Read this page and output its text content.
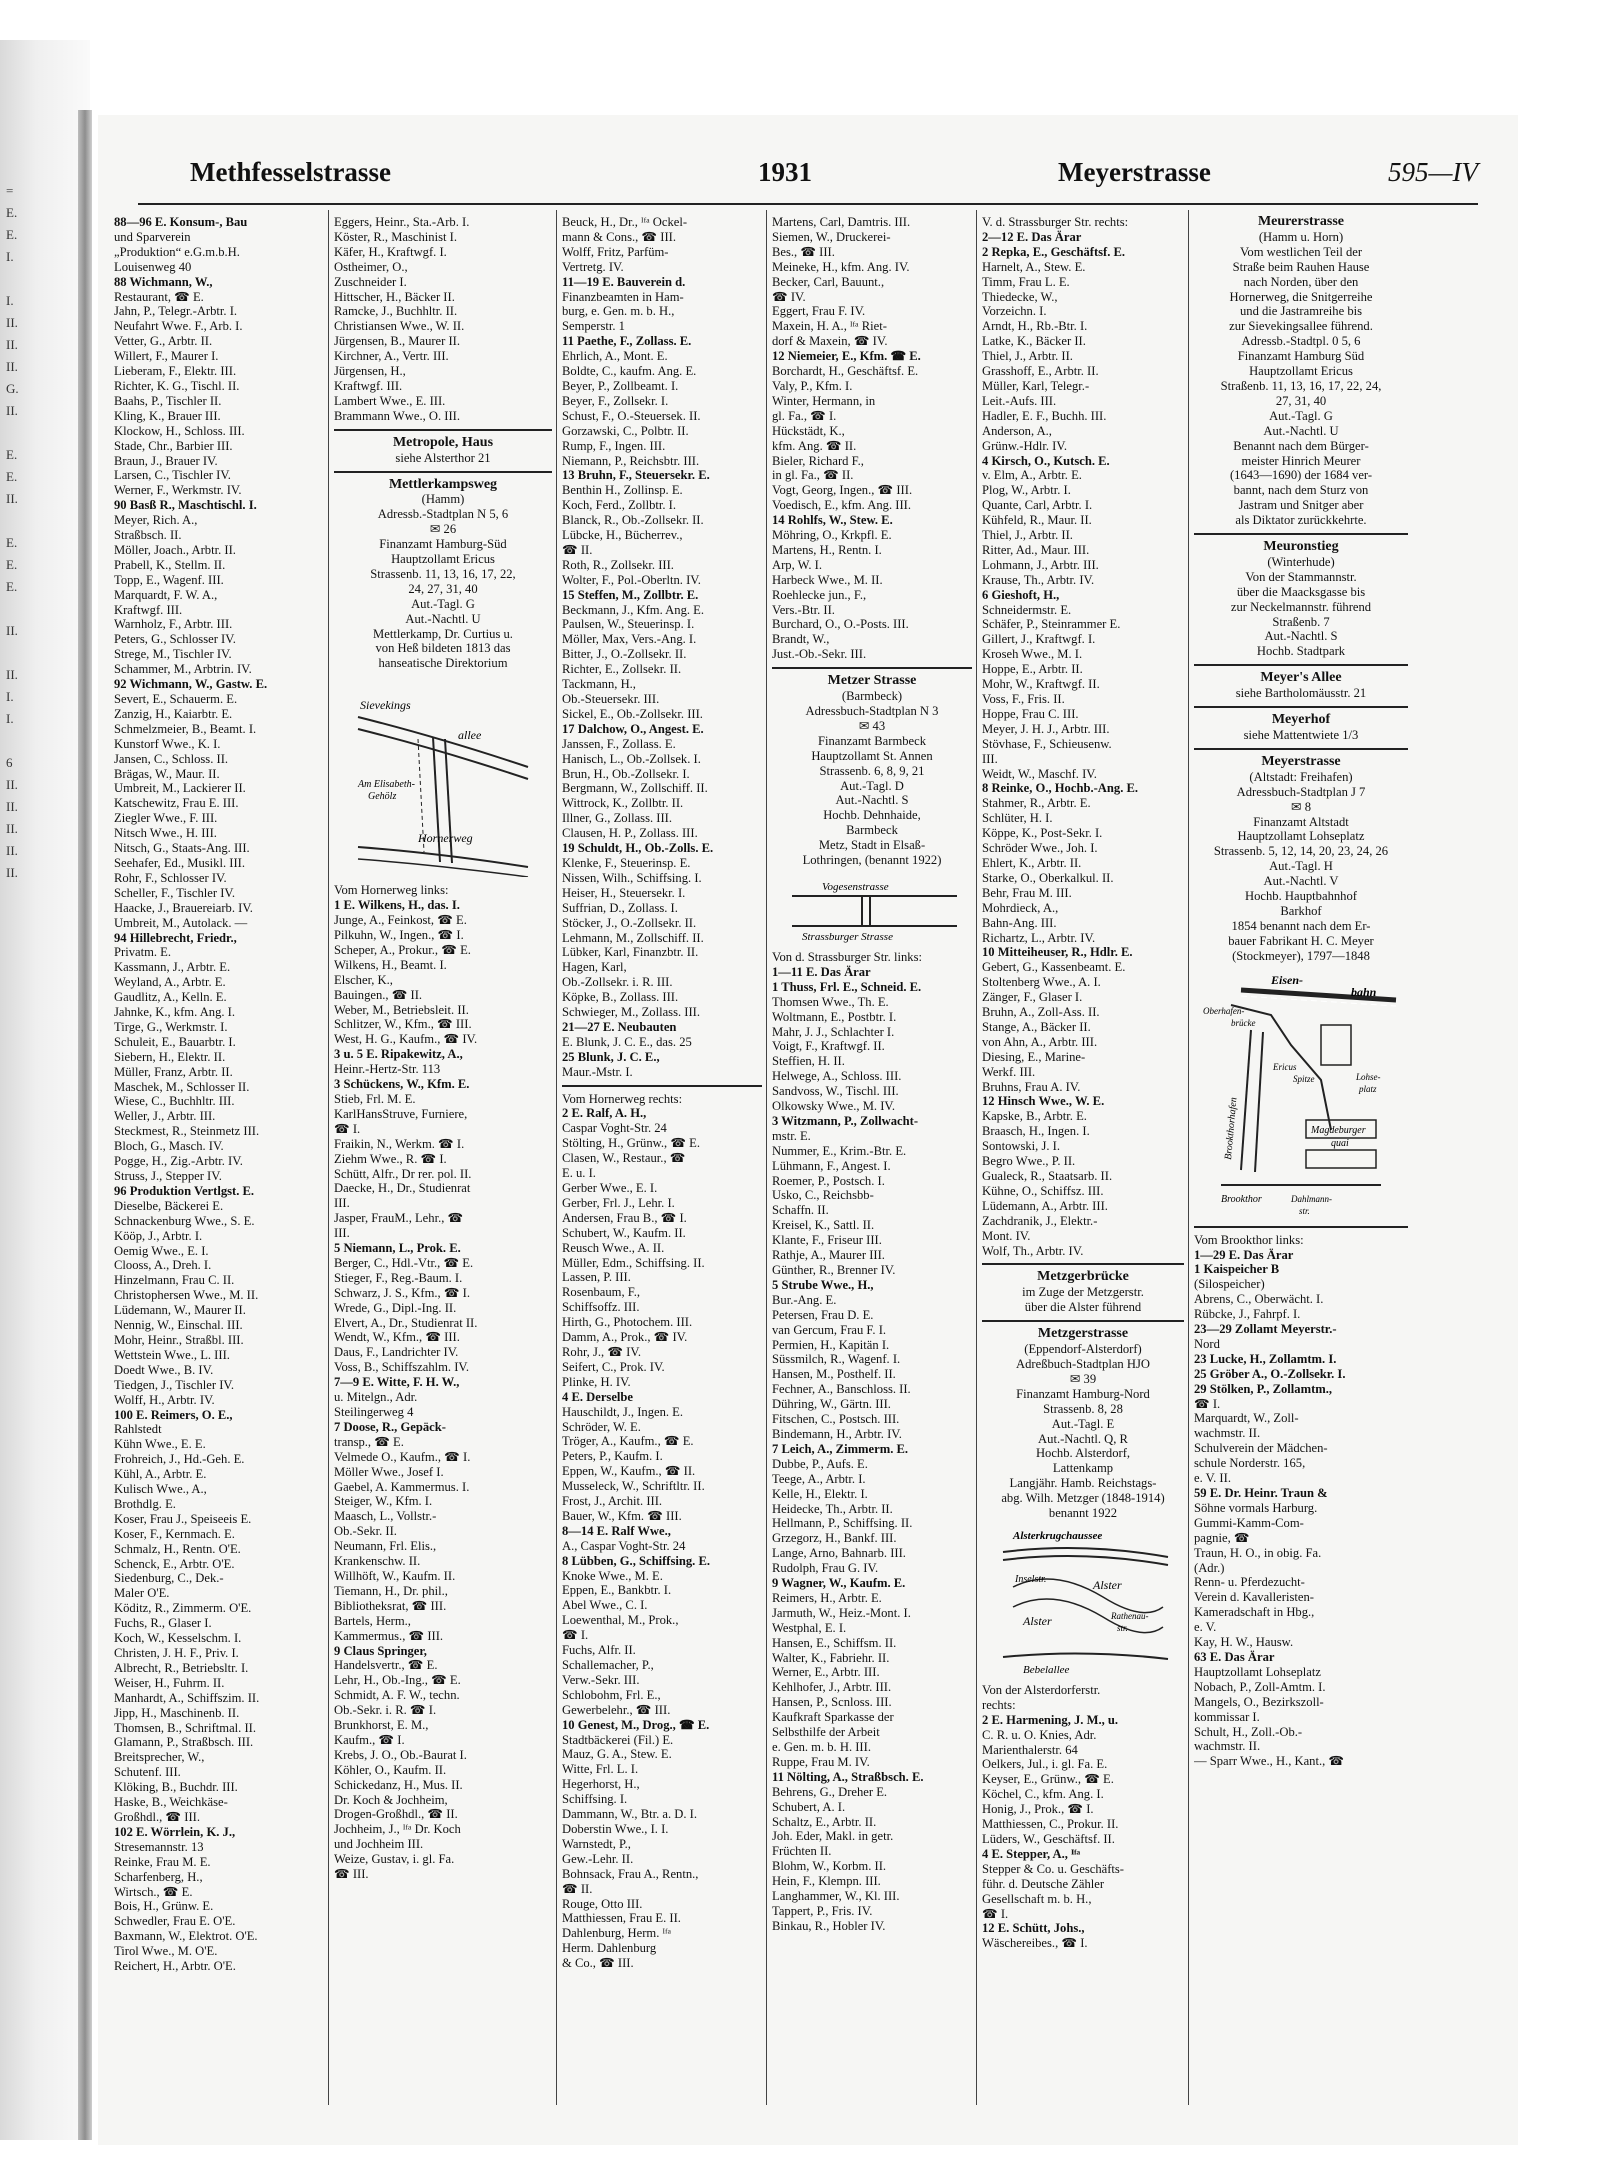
=
E.
E.
I.
I.
II.
II.
II.
G.
II.
E.
E.
II.
E.
E.
E.
II.
II.
I.
I.
6
II.
II.
II.
II.
II.
Methfesselstrasse	1931	Meyerstrasse	595—IV

88—96 E. Konsum-, Bau

und Sparverein

„Produktion“ e.G.m.b.H.

Louisenweg 40

88 Wichmann, W.,

Restaurant, ☎ E.

Jahn, P., Telegr.-Arbtr. I.

Neufahrt Wwe. F., Arb. I.

Vetter, G., Arbtr. II.

Willert, F., Maurer I.

Lieberam, F., Elektr. III.

Richter, K. G., Tischl. II.

Baahs, P., Tischler II.

Kling, K., Brauer III.

Klockow, H., Schloss. III.

Stade, Chr., Barbier III.

Braun, J., Brauer IV.

Larsen, C., Tischler IV.

Werner, F., Werkmstr. IV.

90 Basß R., Maschtischl. I.

Meyer, Rich. A.,

Straßbsch. II.

Möller, Joach., Arbtr. II.

Prabell, K., Stellm. II.

Topp, E., Wagenf. III.

Marquardt, F. W. A.,

Kraftwgf. III.

Warnholz, F., Arbtr. III.

Peters, G., Schlosser IV.

Strege, M., Tischler IV.

Schammer, M., Arbtrin. IV.

92 Wichmann, W., Gastw. E.

Severt, E., Schauerm. E.

Zanzig, H., Kaiarbtr. E.

Schmelzmeier, B., Beamt. I.

Kunstorf Wwe., K. I.

Jansen, C., Schloss. II.

Brägas, W., Maur. II.

Umbreit, M., Lackierer II.

Katschewitz, Frau E. III.

Ziegler Wwe., F. III.

Nitsch Wwe., H. III.

Nitsch, G., Staats-Ang. III.

Seehafer, Ed., Musikl. III.

Rohr, F., Schlosser IV.

Scheller, F., Tischler IV.

Haacke, J., Brauereiarb. IV.

Umbreit, M., Autolack. —

94 Hillebrecht, Friedr.,

Privatm. E.

Kassmann, J., Arbtr. E.

Weyland, A., Arbtr. E.

Gaudlitz, A., Kelln. E.

Jahnke, K., kfm. Ang. I.

Tirge, G., Werkmstr. I.

Schuleit, E., Bauarbtr. I.

Siebern, H., Elektr. II.

Müller, Franz, Arbtr. II.

Maschek, M., Schlosser II.

Wiese, C., Buchhltr. III.

Weller, J., Arbtr. III.

Steckmest, R., Steinmetz III.

Bloch, G., Masch. IV.

Pogge, H., Zig.-Arbtr. IV.

Struss, J., Stepper IV.

96 Produktion Vertlgst. E.

Dieselbe, Bäckerei E.

Schnackenburg Wwe., S. E.

Kööp, J., Arbtr. I.

Oemig Wwe., E. I.

Clooss, A., Dreh. I.

Hinzelmann, Frau C. II.

Christophersen Wwe., M. II.

Lüdemann, W., Maurer II.

Nennig, W., Einschal. III.

Mohr, Heinr., Straßbl. III.

Wettstein Wwe., L. III.

Doedt Wwe., B. IV.

Tiedgen, J., Tischler IV.

Wolff, H., Arbtr. IV.

100 E. Reimers, O. E.,

Rahlstedt

Kühn Wwe., E. E.

Frohreich, J., Hd.-Geh. E.

Kühl, A., Arbtr. E.

Kulisch Wwe., A.,

Brothdlg. E.

Koser, Frau J., Speiseeis E.

Koser, F., Kernmach. E.

Schmalz, H., Rentn. O'E.

Schenck, E., Arbtr. O'E.

Siedenburg, C., Dek.-

Maler O'E.

Köditz, R., Zimmerm. O'E.

Fuchs, R., Glaser I.

Koch, W., Kesselschm. I.

Christen, J. H. F., Priv. I.

Albrecht, R., Betriebsltr. I.

Weiser, H., Fuhrm. II.

Manhardt, A., Schiffszim. II.

Jipp, H., Maschinenb. II.

Thomsen, B., Schriftmal. II.

Glamann, P., Straßbsch. III.

Breitsprecher, W.,

Schutenf. III.

Klöking, B., Buchdr. III.

Haske, B., Weichkäse-

Großhdl., ☎ III.

102 E. Wörrlein, K. J.,

Stresemannstr. 13

Reinke, Frau M. E.

Scharfenberg, H.,

Wirtsch., ☎ E.

Bois, H., Grünw. E.

Schwedler, Frau E. O'E.

Baxmann, W., Elektrot. O'E.

Tirol Wwe., M. O'E.

Reichert, H., Arbtr. O'E.

Eggers, Heinr., Sta.-Arb. I.

Köster, R., Maschinist I.

Käfer, H., Kraftwgf. I.

Ostheimer, O.,

Zuschneider I.

Hittscher, H., Bäcker II.

Ramcke, J., Buchhltr. II.

Christiansen Wwe., W. II.

Jürgensen, B., Maurer II.

Kirchner, A., Vertr. III.

Jürgensen, H.,

Kraftwgf. III.

Lambert Wwe., E. III.

Brammann Wwe., O. III.

Metropole, Haus

siehe Alsterthor 21

Mettlerkampsweg

(Hamm)

Adressb.-Stadtplan N 5, 6

✉ 26

Finanzamt Hamburg-Süd

Hauptzollamt Ericus

Strassenb. 11, 13, 16, 17, 22,

24, 27, 31, 40

Aut.-Tagl. G

Aut.-Nachtl. U

Mettlerkamp, Dr. Curtius u.

von Heß bildeten 1813 das

hanseatische Direktorium

Sievekings
allee
Am Elisabeth-
Gehölz
Hornerweg

Vom Hornerweg links:

1 E. Wilkens, H., das. I.

Junge, A., Feinkost, ☎ E.

Pilkuhn, W., Ingen., ☎ I.

Scheper, A., Prokur., ☎ E.

Wilkens, H., Beamt. I.

Elscher, K.,

Bauingen., ☎ II.

Weber, M., Betriebsleit. II.

Schlitzer, W., Kfm., ☎ III.

West, H. G., Kaufm., ☎ IV.

3 u. 5 E. Ripakewitz, A.,

Heinr.-Hertz-Str. 113

3 Schückens, W., Kfm. E.

Stieb, Frl. M. E.

KarlHansStruve, Furniere,

☎ I.

Fraikin, N., Werkm. ☎ I.

Ziehm Wwe., R. ☎ I.

Schütt, Alfr., Dr rer. pol. II.

Daecke, H., Dr., Studienrat

III.

Jasper, FrauM., Lehr., ☎

III.

5 Niemann, L., Prok. E.

Berger, C., Hdl.-Vtr., ☎ E.

Stieger, F., Reg.-Baum. I.

Schwarz, J. S., Kfm., ☎ I.

Wrede, G., Dipl.-Ing. II.

Elvert, A., Dr., Studienrat II.

Wendt, W., Kfm., ☎ III.

Daus, F., Landrichter IV.

Voss, B., Schiffszahlm. IV.

7—9 E. Witte, F. H. W.,

u. Mitelgn., Adr.

Steilingerweg 4

7 Doose, R., Gepäck-

transp., ☎ E.

Velmede O., Kaufm., ☎ I.

Möller Wwe., Josef I.

Gaebel, A. Kammermus. I.

Steiger, W., Kfm. I.

Maasch, L., Vollstr.-

Ob.-Sekr. II.

Neumann, Frl. Elis.,

Krankenschw. II.

Willhöft, W., Kaufm. II.

Tiemann, H., Dr. phil.,

Bibliotheksrat, ☎ III.

Bartels, Herm.,

Kammermus., ☎ III.

9 Claus Springer,

Handelsvertr., ☎ E.

Lehr, H., Ob.-Ing., ☎ E.

Schmidt, A. F. W., techn.

Ob.-Sekr. i. R. ☎ I.

Brunkhorst, E. M.,

Kaufm., ☎ I.

Krebs, J. O., Ob.-Baurat I.

Köhler, O., Kaufm. II.

Schickedanz, H., Mus. II.

Dr. Koch & Jochheim,

Drogen-Großhdl., ☎ II.

Jochheim, J., ᴵᶠᵃ Dr. Koch

und Jochheim III.

Weize, Gustav, i. gl. Fa.

☎ III.

Beuck, H., Dr., ᴵᶠᵃ Ockel-

mann & Cons., ☎ III.

Wolff, Fritz, Parfüm-

Vertretg. IV.

11—19 E. Bauverein d.

Finanzbeamten in Ham-

burg, e. Gen. m. b. H.,

Semperstr. 1

11 Paethe, F., Zollass. E.

Ehrlich, A., Mont. E.

Boldte, C., kaufm. Ang. E.

Beyer, P., Zollbeamt. I.

Beyer, F., Zollsekr. I.

Schust, F., O.-Steuersek. II.

Gorzawski, C., Polbtr. II.

Rump, F., Ingen. III.

Niemann, P., Reichsbtr. III.

13 Bruhn, F., Steuersekr. E.

Benthin H., Zollinsp. E.

Koch, Ferd., Zollbtr. I.

Blanck, R., Ob.-Zollsekr. II.

Lübcke, H., Bücherrev.,

☎ II.

Roth, R., Zollsekr. III.

Wolter, F., Pol.-Oberltn. IV.

15 Steffen, M., Zollbtr. E.

Beckmann, J., Kfm. Ang. E.

Paulsen, W., Steuerinsp. I.

Möller, Max, Vers.-Ang. I.

Bitter, J., O.-Zollsekr. II.

Richter, E., Zollsekr. II.

Tackmann, H.,

Ob.-Steuersekr. III.

Sickel, E., Ob.-Zollsekr. III.

17 Dalchow, O., Angest. E.

Janssen, F., Zollass. E.

Hanisch, L., Ob.-Zollsek. I.

Brun, H., Ob.-Zollsekr. I.

Bergmann, W., Zollschiff. II.

Wittrock, K., Zollbtr. II.

Illner, G., Zollass. III.

Clausen, H. P., Zollass. III.

19 Schuldt, H., Ob.-Zolls. E.

Klenke, F., Steuerinsp. E.

Nissen, Wilh., Schiffsing. I.

Heiser, H., Steuersekr. I.

Suffrian, D., Zollass. I.

Stöcker, J., O.-Zollsekr. II.

Lehmann, M., Zollschiff. II.

Lübker, Karl, Finanzbtr. II.

Hagen, Karl,

Ob.-Zollsekr. i. R. III.

Köpke, B., Zollass. III.

Schwieger, M., Zollass. III.

21—27 E. Neubauten

E. Blunk, J. C. E., das. 25

25 Blunk, J. C. E.,

Maur.-Mstr. I.

Vom Hornerweg rechts:

2 E. Ralf, A. H.,

Caspar Voght-Str. 24

Stölting, H., Grünw., ☎ E.

Clasen, W., Restaur., ☎

E. u. I.

Gerber Wwe., E. I.

Gerber, Frl. J., Lehr. I.

Andersen, Frau B., ☎ I.

Schubert, W., Kaufm. II.

Reusch Wwe., A. II.

Müller, Edm., Schiffsing. II.

Lassen, P. III.

Rosenbaum, F.,

Schiffsoffz. III.

Hirth, G., Photochem. III.

Damm, A., Prok., ☎ IV.

Rohr, J., ☎ IV.

Seifert, C., Prok. IV.

Plinke, H. IV.

4 E. Derselbe

Hauschildt, J., Ingen. E.

Schröder, W. E.

Tröger, A., Kaufm., ☎ E.

Peters, P., Kaufm. I.

Eppen, W., Kaufm., ☎ II.

Musseleck, W., Schriftltr. II.

Frost, J., Archit. III.

Bauer, W., Kfm. ☎ III.

8—14 E. Ralf Wwe.,

A., Caspar Voght-Str. 24

8 Lübben, G., Schiffsing. E.

Knoke Wwe., M. E.

Eppen, E., Bankbtr. I.

Abel Wwe., C. I.

Loewenthal, M., Prok.,

☎ I.

Fuchs, Alfr. II.

Schallemacher, P.,

Verw.-Sekr. III.

Schlobohm, Frl. E.,

Gewerbelehr., ☎ III.

10 Genest, M., Drog., ☎ E.

Stadtbäckerei (Fil.) E.

Mauz, G. A., Stew. E.

Witte, Frl. L. I.

Hegerhorst, H.,

Schiffsing. I.

Dammann, W., Btr. a. D. I.

Doberstin Wwe., I. I.

Warnstedt, P.,

Gew.-Lehr. II.

Bohnsack, Frau A., Rentn.,

☎ II.

Rouge, Otto III.

Matthiessen, Frau E. II.

Dahlenburg, Herm. ᴵᶠᵃ

Herm. Dahlenburg

& Co., ☎ III.

Martens, Carl, Damtris. III.

Siemen, W., Druckerei-

Bes., ☎ III.

Meineke, H., kfm. Ang. IV.

Becker, Carl, Bauunt.,

☎ IV.

Eggert, Frau F. IV.

Maxein, H. A., ᴵᶠᵃ Riet-

dorf & Maxein, ☎ IV.

12 Niemeier, E., Kfm. ☎ E.

Borchardt, H., Geschäftsf. E.

Valy, P., Kfm. I.

Winter, Hermann, in

gl. Fa., ☎ I.

Hückstädt, K.,

kfm. Ang. ☎ II.

Bieler, Richard F.,

in gl. Fa., ☎ II.

Vogt, Georg, Ingen., ☎ III.

Voedisch, E., kfm. Ang. III.

14 Rohlfs, W., Stew. E.

Möhring, O., Krkpfl. E.

Martens, H., Rentn. I.

Arp, W. I.

Harbeck Wwe., M. II.

Roehlecke jun., F.,

Vers.-Btr. II.

Burchard, O., O.-Posts. III.

Brandt, W.,

Just.-Ob.-Sekr. III.

Metzer Strasse

(Barmbeck)

Adressbuch-Stadtplan N 3

✉ 43

Finanzamt Barmbeck

Hauptzollamt St. Annen

Strassenb. 6, 8, 9, 21

Aut.-Tagl. D

Aut.-Nachtl. S

Hochb. Dehnhaide,

Barmbeck

Metz, Stadt in Elsaß-

Lothringen, (benannt 1922)

Vogesenstrasse
Strassburger Strasse

Von d. Strassburger Str. links:

1—11 E. Das Ärar

1 Thuss, Frl. E., Schneid. E.

Thomsen Wwe., Th. E.

Woltmann, E., Postbtr. I.

Mahr, J. J., Schlachter I.

Voigt, F., Kraftwgf. II.

Steffien, H. II.

Helwege, A., Schloss. III.

Sandvoss, W., Tischl. III.

Olkowsky Wwe., M. IV.

3 Witzmann, P., Zollwacht-

mstr. E.

Nummer, E., Krim.-Btr. E.

Lühmann, F., Angest. I.

Roemer, P., Postsch. I.

Usko, C., Reichsbb-

Schaffn. II.

Kreisel, K., Sattl. II.

Klante, F., Friseur III.

Rathje, A., Maurer III.

Günther, R., Brenner IV.

5 Strube Wwe., H.,

Bur.-Ang. E.

Petersen, Frau D. E.

van Gercum, Frau F. I.

Permien, H., Kapitän I.

Süssmilch, R., Wagenf. I.

Hansen, M., Posthelf. II.

Fechner, A., Banschloss. II.

Dühring, W., Gärtn. III.

Fitschen, C., Postsch. III.

Bindemann, H., Arbtr. IV.

7 Leich, A., Zimmerm. E.

Dubbe, P., Aufs. E.

Teege, A., Arbtr. I.

Kelle, H., Elektr. I.

Heidecke, Th., Arbtr. II.

Hellmann, P., Schiffsing. II.

Grzegorz, H., Bankf. III.

Lange, Arno, Bahnarb. III.

Rudolph, Frau G. IV.

9 Wagner, W., Kaufm. E.

Reimers, H., Arbtr. E.

Jarmuth, W., Heiz.-Mont. I.

Westphal, E. I.

Hansen, E., Schiffsm. II.

Walter, K., Fabriehr. II.

Werner, E., Arbtr. III.

Kehlhofer, J., Arbtr. III.

Hansen, P., Scnloss. III.

Kaufkraft Sparkasse der

Selbsthilfe der Arbeit

e. Gen. m. b. H. III.

Ruppe, Frau M. IV.

11 Nölting, A., Straßbsch. E.

Behrens, G., Dreher E.

Schubert, A. I.

Schaltz, E., Arbtr. II.

Joh. Eder, Makl. in getr.

Früchten II.

Blohm, W., Korbm. II.

Hein, F., Klempn. III.

Langhammer, W., Kl. III.

Tappert, P., Fris. IV.

Binkau, R., Hobler IV.

V. d. Strassburger Str. rechts:

2—12 E. Das Ärar

2 Repka, E., Geschäftsf. E.

Harnelt, A., Stew. E.

Timm, Frau L. E.

Thiedecke, W.,

Vorzeichn. I.

Arndt, H., Rb.-Btr. I.

Latke, K., Bäcker II.

Thiel, J., Arbtr. II.

Grasshoff, E., Arbtr. II.

Müller, Karl, Telegr.-

Leit.-Aufs. III.

Hadler, E. F., Buchh. III.

Anderson, A.,

Grünw.-Hdlr. IV.

4 Kirsch, O., Kutsch. E.

v. Elm, A., Arbtr. E.

Plog, W., Arbtr. I.

Quante, Carl, Arbtr. I.

Kühfeld, R., Maur. II.

Thiel, J., Arbtr. II.

Ritter, Ad., Maur. III.

Lohmann, J., Arbtr. III.

Krause, Th., Arbtr. IV.

6 Gieshoft, H.,

Schneidermstr. E.

Schäfer, P., Steinrammer E.

Gillert, J., Kraftwgf. I.

Kroseh Wwe., M. I.

Hoppe, E., Arbtr. II.

Mohr, W., Kraftwgf. II.

Voss, F., Fris. II.

Hoppe, Frau C. III.

Meyer, J. H. J., Arbtr. III.

Stövhase, F., Schieusenw.

III.

Weidt, W., Maschf. IV.

8 Reinke, O., Hochb.-Ang. E.

Stahmer, R., Arbtr. E.

Schlüter, H. I.

Köppe, K., Post-Sekr. I.

Schröder Wwe., Joh. I.

Ehlert, K., Arbtr. II.

Starke, O., Oberkalkul. II.

Behr, Frau M. III.

Mohrdieck, A.,

Bahn-Ang. III.

Richartz, L., Arbtr. IV.

10 Mitteiheuser, R., Hdlr. E.

Gebert, G., Kassenbeamt. E.

Stoltenberg Wwe., A. I.

Zänger, F., Glaser I.

Bruhn, A., Zoll-Ass. II.

Stange, A., Bäcker II.

von Ahn, A., Arbtr. III.

Diesing, E., Marine-

Werkf. III.

Bruhns, Frau A. IV.

12 Hinsch Wwe., W. E.

Kapske, B., Arbtr. E.

Braasch, H., Ingen. I.

Sontowski, J. I.

Begro Wwe., P. II.

Gualeck, R., Staatsarb. II.

Kühne, O., Schiffsz. III.

Lüdemann, A., Arbtr. III.

Zachdranik, J., Elektr.-

Mont. IV.

Wolf, Th., Arbtr. IV.

Metzgerbrücke

im Zuge der Metzgerstr.

über die Alster führend

Metzgerstrasse

(Eppendorf-Alsterdorf)

Adreßbuch-Stadtplan HJO

✉ 39

Finanzamt Hamburg-Nord

Strassenb. 8, 28

Aut.-Tagl. E

Aut.-Nachtl. Q, R

Hochb. Alsterdorf,

Lattenkamp

Langjähr. Hamb. Reichstags-

abg. Wilh. Metzger (1848-1914)

benannt 1922

Alsterkrugchaussee
Inselstr.	Alster
Alster	Rathenau-
str.
Bebelallee

Von der Alsterdorferstr.

rechts:

2 E. Harmening, J. M., u.

C. R. u. O. Knies, Adr.

Marienthalerstr. 64

Oelkers, Jul., i. gl. Fa. E.

Keyser, E., Grünw., ☎ E.

Köchel, C., kfm. Ang. I.

Honig, J., Prok., ☎ I.

Matthiessen, C., Prokur. II.

Lüders, W., Geschäftsf. II.

4 E. Stepper, A., ᴵᶠᵃ

Stepper & Co. u. Geschäfts-

führ. d. Deutsche Zähler

Gesellschaft m. b. H.,

☎ I.

12 E. Schütt, Johs.,

Wäschereibes., ☎ I.

Meurerstrasse

(Hamm u. Horn)

Vom westlichen Teil der

Straße beim Rauhen Hause

nach Norden, über den

Hornerweg, die Snitgerreihe

und die Jastramreihe bis

zur Sievekingsallee führend.

Adressb.-Stadtpl. 0 5, 6

Finanzamt Hamburg Süd

Hauptzollamt Ericus

Straßenb. 11, 13, 16, 17, 22, 24,

27, 31, 40

Aut.-Tagl. G

Aut.-Nachtl. U

Benannt nach dem Bürger-

meister Hinrich Meurer

(1643—1690) der 1684 ver-

bannt, nach dem Sturz von

Jastram und Snitger aber

als Diktator zurückkehrte.

Meuronstieg

(Winterhude)

Von der Stammannstr.

über die Maacksgasse bis

zur Neckelmannstr. führend

Straßenb. 7

Aut.-Nachtl. S

Hochb. Stadtpark

Meyer's Allee

siehe Bartholomäusstr. 21

Meyerhof

siehe Mattentwiete 1/3

Meyerstrasse

(Altstadt: Freihafen)

Adressbuch-Stadtplan J 7

✉ 8

Finanzamt Altstadt

Hauptzollamt Lohseplatz

Strassenb. 5, 12, 14, 20, 23, 24, 26

Aut.-Tagl. H

Aut.-Nachtl. V

Hochb. Hauptbahnhof

Barkhof

1854 benannt nach dem Er-

bauer Fabrikant H. C. Meyer

(Stockmeyer), 1797—1848

Eisen-
bahn
Oberhafen-
brücke
Ericus
Spitze	Lohse-
platz
Brookthorhafen	Magdeburger
quai
Brookthor	Dahlmann-
str.

Vom Brookthor links:

1—29 E. Das Ärar

1 Kaispeicher B

(Silospeicher)

Abrens, C., Oberwächt. I.

Rübcke, J., Fahrpf. I.

23—29 Zollamt Meyerstr.-

Nord

23 Lucke, H., Zollamtm. I.

25 Gröber A., O.-Zollsekr. I.

29 Stölken, P., Zollamtm.,

☎ I.

Marquardt, W., Zoll-

wachmstr. II.

Schulverein der Mädchen-

schule Norderstr. 165,

e. V. II.

59 E. Dr. Heinr. Traun &

Söhne vormals Harburg.

Gummi-Kamm-Com-

pagnie, ☎

Traun, H. O., in obig. Fa.

(Adr.)

Renn- u. Pferdezucht-

Verein d. Kavalleristen-

Kameradschaft in Hbg.,

e. V.

Kay, H. W., Hausw.

63 E. Das Ärar

Hauptzollamt Lohseplatz

Nobach, P., Zoll-Amtm. I.

Mangels, O., Bezirkszoll-

kommissar I.

Schult, H., Zoll.-Ob.-

wachmstr. II.

— Sparr Wwe., H., Kant., ☎
